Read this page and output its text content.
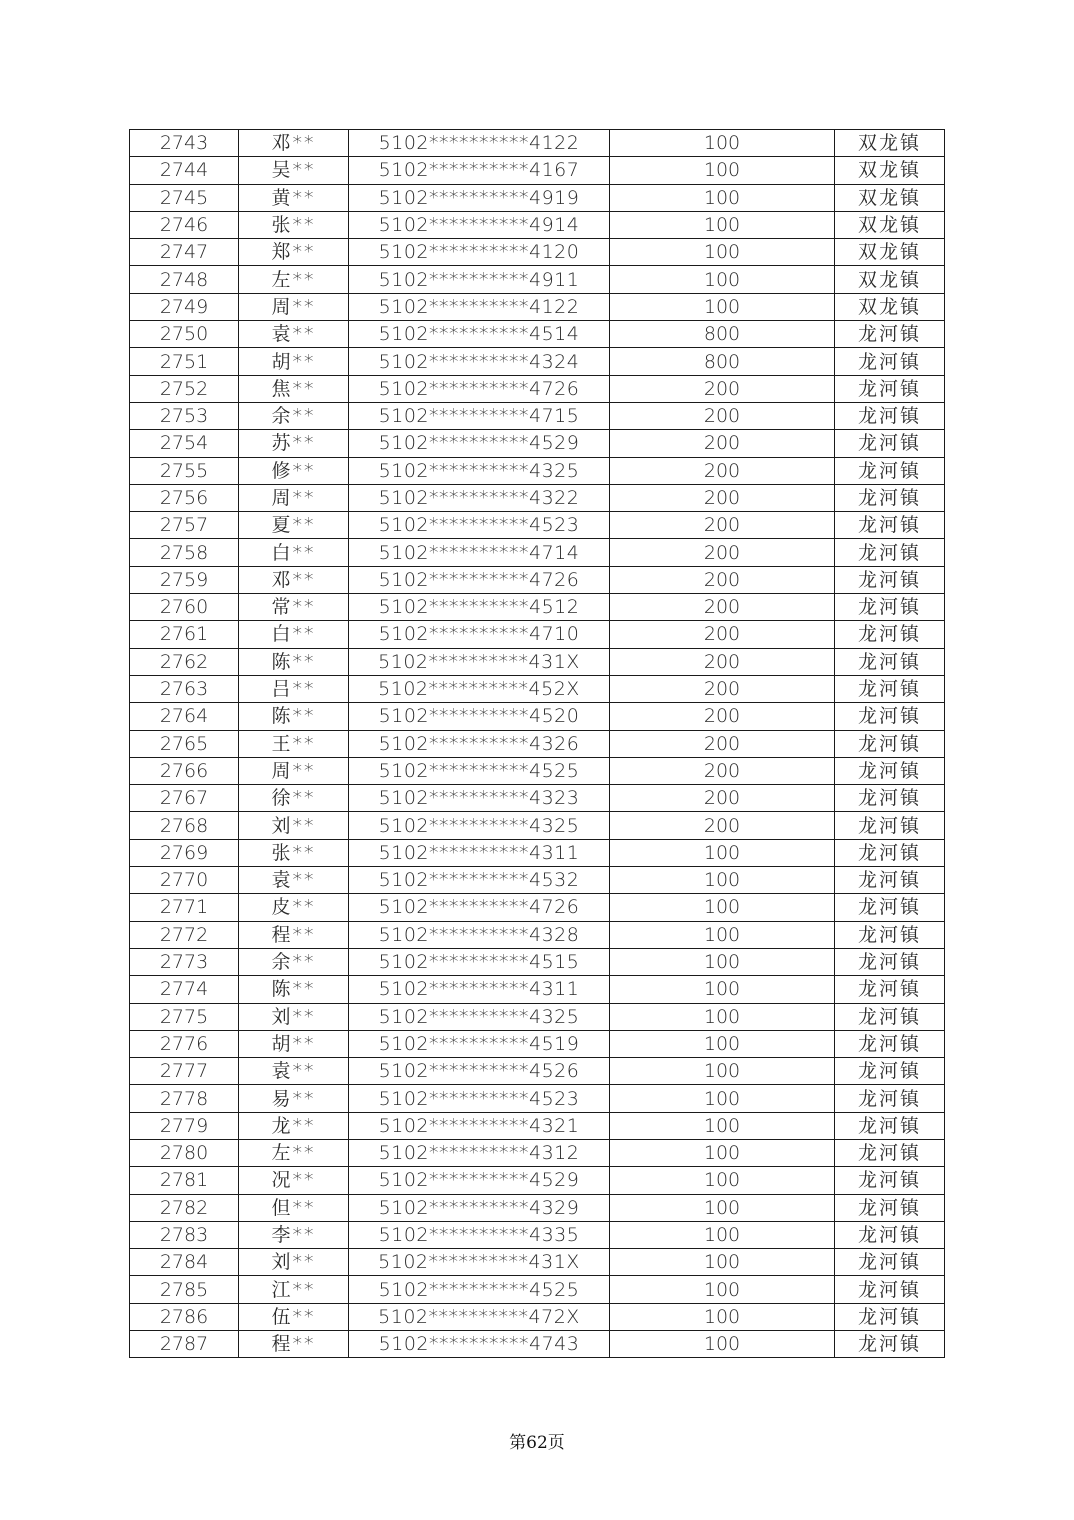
2743	邓**	5102**********4122	100	双龙镇
2744	吴**	5102**********4167	100	双龙镇
2745	黄**	5102**********4919	100	双龙镇
2746	张**	5102**********4914	100	双龙镇
2747	郑**	5102**********4120	100	双龙镇
2748	左**	5102**********4911	100	双龙镇
2749	周**	5102**********4122	100	双龙镇
2750	袁**	5102**********4514	800	龙河镇
2751	胡**	5102**********4324	800	龙河镇
2752	焦**	5102**********4726	200	龙河镇
2753	余**	5102**********4715	200	龙河镇
2754	苏**	5102**********4529	200	龙河镇
2755	修**	5102**********4325	200	龙河镇
2756	周**	5102**********4322	200	龙河镇
2757	夏**	5102**********4523	200	龙河镇
2758	白**	5102**********4714	200	龙河镇
2759	邓**	5102**********4726	200	龙河镇
2760	常**	5102**********4512	200	龙河镇
2761	白**	5102**********4710	200	龙河镇
2762	陈**	5102**********431X	200	龙河镇
2763	吕**	5102**********452X	200	龙河镇
2764	陈**	5102**********4520	200	龙河镇
2765	王**	5102**********4326	200	龙河镇
2766	周**	5102**********4525	200	龙河镇
2767	徐**	5102**********4323	200	龙河镇
2768	刘**	5102**********4325	200	龙河镇
2769	张**	5102**********4311	100	龙河镇
2770	袁**	5102**********4532	100	龙河镇
2771	皮**	5102**********4726	100	龙河镇
2772	程**	5102**********4328	100	龙河镇
2773	余**	5102**********4515	100	龙河镇
2774	陈**	5102**********4311	100	龙河镇
2775	刘**	5102**********4325	100	龙河镇
2776	胡**	5102**********4519	100	龙河镇
2777	袁**	5102**********4526	100	龙河镇
2778	易**	5102**********4523	100	龙河镇
2779	龙**	5102**********4321	100	龙河镇
2780	左**	5102**********4312	100	龙河镇
2781	况**	5102**********4529	100	龙河镇
2782	但**	5102**********4329	100	龙河镇
2783	李**	5102**********4335	100	龙河镇
2784	刘**	5102**********431X	100	龙河镇
2785	江**	5102**********4525	100	龙河镇
2786	伍**	5102**********472X	100	龙河镇
2787	程**	5102**********4743	100	龙河镇
第62页
